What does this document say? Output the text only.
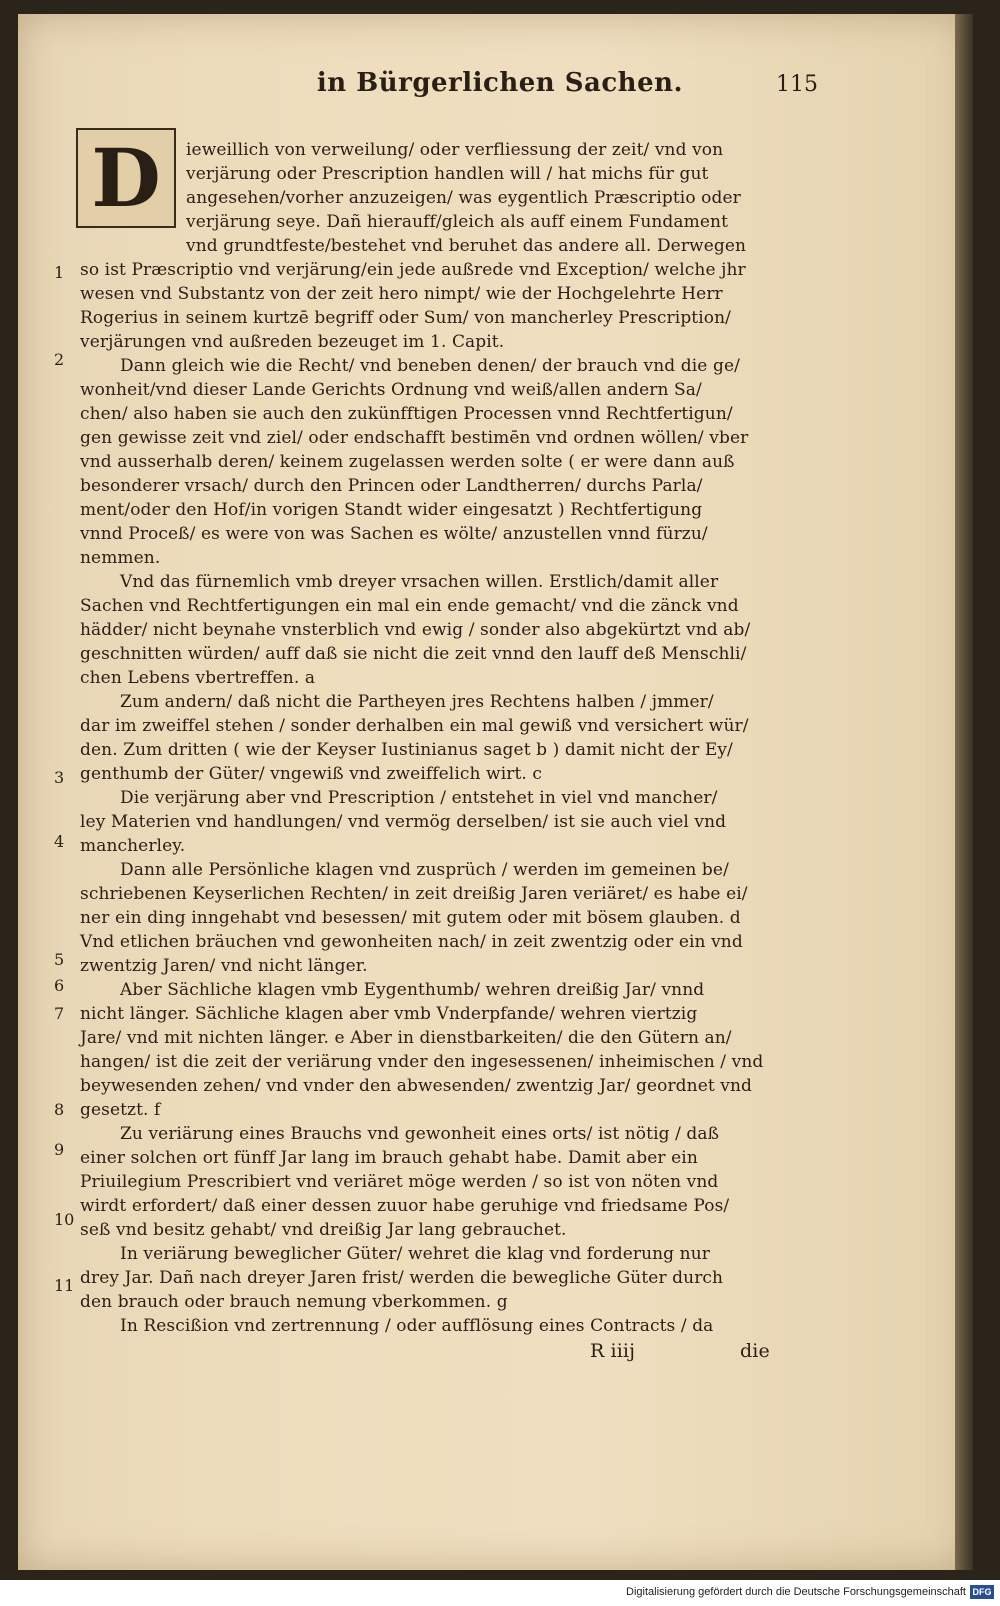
in Bürgerlichen Sachen.	115
D ieweillich von verweilung/ oder verfliessung der zeit/ vnd von
verjärung oder Prescription handlen will / hat michs für gut
angesehen/vorher anzuzeigen/ was eygentlich Præscriptio oder
verjärung seye. Dañ hierauff/gleich als auff einem Fundament
vnd grundtfeste/bestehet vnd beruhet das andere all. Derwegen
so ist Præscriptio vnd verjärung/ein jede außrede vnd Exception/ welche jhr
wesen vnd Substantz von der zeit hero nimpt/ wie der Hochgelehrte Herr
Rogerius in seinem kurtzē begriff oder Sum/ von mancherley Prescription/
verjärungen vnd außreden bezeuget im 1. Capit.
Dann gleich wie die Recht/ vnd beneben denen/ der brauch vnd die ge/
wonheit/vnd dieser Lande Gerichts Ordnung vnd weiß/allen andern Sa/
chen/ also haben sie auch den zukünfftigen Processen vnnd Rechtfertigun/
gen gewisse zeit vnd ziel/ oder endschafft bestimēn vnd ordnen wöllen/ vber
vnd ausserhalb deren/ keinem zugelassen werden solte ( er were dann auß
besonderer vrsach/ durch den Princen oder Landtherren/ durchs Parla/
ment/oder den Hof/in vorigen Standt wider eingesatzt ) Rechtfertigung
vnnd Proceß/ es were von was Sachen es wölte/ anzustellen vnnd fürzu/
nemmen.
Vnd das fürnemlich vmb dreyer vrsachen willen. Erstlich/damit aller
Sachen vnd Rechtfertigungen ein mal ein ende gemacht/ vnd die zänck vnd
hädder/ nicht beynahe vnsterblich vnd ewig / sonder also abgekürtzt vnd ab/
geschnitten würden/ auff daß sie nicht die zeit vnnd den lauff deß Menschli/
chen Lebens vbertreffen. a
Zum andern/ daß nicht die Partheyen jres Rechtens halben / jmmer/
dar im zweiffel stehen / sonder derhalben ein mal gewiß vnd versichert wür/
den. Zum dritten ( wie der Keyser Iustinianus saget b ) damit nicht der Ey/
genthumb der Güter/ vngewiß vnd zweiffelich wirt. c
Die verjärung aber vnd Prescription / entstehet in viel vnd mancher/
ley Materien vnd handlungen/ vnd vermög derselben/ ist sie auch viel vnd
mancherley.
Dann alle Persönliche klagen vnd zusprüch / werden im gemeinen be/
schriebenen Keyserlichen Rechten/ in zeit dreißig Jaren veriäret/ es habe ei/
ner ein ding inngehabt vnd besessen/ mit gutem oder mit bösem glauben. d
Vnd etlichen bräuchen vnd gewonheiten nach/ in zeit zwentzig oder ein vnd
zwentzig Jaren/ vnd nicht länger.
Aber Sächliche klagen vmb Eygenthumb/ wehren dreißig Jar/ vnnd
nicht länger. Sächliche klagen aber vmb Vnderpfande/ wehren viertzig
Jare/ vnd mit nichten länger. e Aber in dienstbarkeiten/ die den Gütern an/
hangen/ ist die zeit der veriärung vnder den ingesessenen/ inheimischen / vnd
beywesenden zehen/ vnd vnder den abwesenden/ zwentzig Jar/ geordnet vnd
gesetzt. f
Zu veriärung eines Brauchs vnd gewonheit eines orts/ ist nötig / daß
einer solchen ort fünff Jar lang im brauch gehabt habe. Damit aber ein
Priuilegium Prescribiert vnd veriäret möge werden / so ist von nöten vnd
wirdt erfordert/ daß einer dessen zuuor habe geruhige vnd friedsame Pos/
seß vnd besitz gehabt/ vnd dreißig Jar lang gebrauchet.
In veriärung beweglicher Güter/ wehret die klag vnd forderung nur
drey Jar. Dañ nach dreyer Jaren frist/ werden die bewegliche Güter durch
den brauch oder brauch nemung vberkommen. g
In Rescißion vnd zertrennung / oder aufflösung eines Contracts / da
1
2
3
4
5
6
7
8
9
10
11
R iiij	die
Digitalisierung gefördert durch die Deutsche Forschungsgemeinschaft DFG
